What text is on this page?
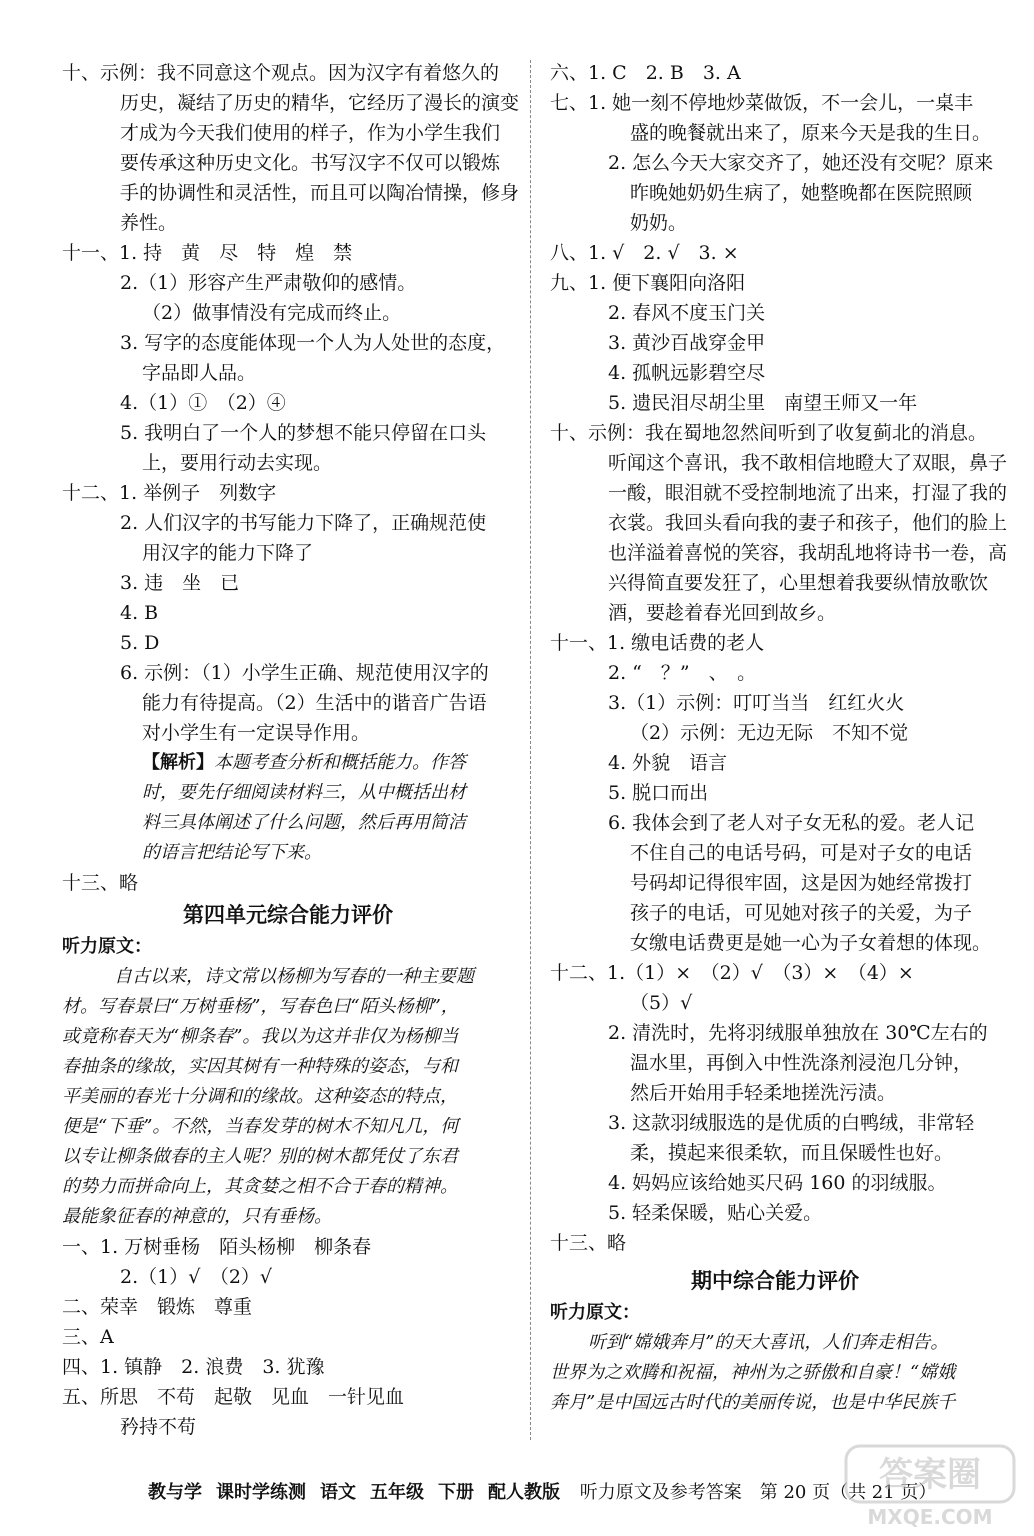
十、示例：我不同意这个观点。因为汉字有着悠久的
历史，凝结了历史的精华，它经历了漫长的演变
才成为今天我们使用的样子，作为小学生我们
要传承这种历史文化。书写汉字不仅可以锻炼
手的协调性和灵活性，而且可以陶冶情操，修身
养性。
十一、1. 持　黄　尽　特　煌　禁
2.（1）形容产生严肃敬仰的感情。
（2）做事情没有完成而终止。
3. 写字的态度能体现一个人为人处世的态度，
字品即人品。
4.（1）①　（2）④
5. 我明白了一个人的梦想不能只停留在口头
上，要用行动去实现。
十二、1. 举例子　列数字
2. 人们汉字的书写能力下降了，正确规范使
用汉字的能力下降了
3. 违　坐　已
4. B
5. D
6. 示例：（1）小学生正确、规范使用汉字的
能力有待提高。（2）生活中的谐音广告语
对小学生有一定误导作用。
【解析】本题考查分析和概括能力。作答
时，要先仔细阅读材料三，从中概括出材
料三具体阐述了什么问题，然后再用简洁
的语言把结论写下来。
十三、略
第四单元综合能力评价
听力原文：
自古以来，诗文常以杨柳为写春的一种主要题
材。写春景曰“万树垂杨”，写春色曰“陌头杨柳”，
或竟称春天为“柳条春”。我以为这并非仅为杨柳当
春抽条的缘故，实因其树有一种特殊的姿态，与和
平美丽的春光十分调和的缘故。这种姿态的特点，
便是“下垂”。不然，当春发芽的树木不知凡几，何
以专让柳条做春的主人呢？别的树木都凭仗了东君
的势力而拼命向上，其贪婪之相不合于春的精神。
最能象征春的神意的，只有垂杨。
一、1. 万树垂杨　陌头杨柳　柳条春
2.（1）√　（2）√
二、荣幸　锻炼　尊重
三、A
四、1. 镇静　2. 浪费　3. 犹豫
五、所思　不苟　起敬　见血　一针见血
矜持不苟
六、1. C　2. B　3. A
七、1. 她一刻不停地炒菜做饭，不一会儿，一桌丰
盛的晚餐就出来了，原来今天是我的生日。
2. 怎么今天大家交齐了，她还没有交呢？原来
昨晚她奶奶生病了，她整晚都在医院照顾
奶奶。
八、1. √　2. √　3. ×
九、1. 便下襄阳向洛阳
2. 春风不度玉门关
3. 黄沙百战穿金甲
4. 孤帆远影碧空尽
5. 遗民泪尽胡尘里　南望王师又一年
十、示例：我在蜀地忽然间听到了收复蓟北的消息。
听闻这个喜讯，我不敢相信地瞪大了双眼，鼻子
一酸，眼泪就不受控制地流了出来，打湿了我的
衣裳。我回头看向我的妻子和孩子，他们的脸上
也洋溢着喜悦的笑容，我胡乱地将诗书一卷，高
兴得简直要发狂了，心里想着我要纵情放歌饮
酒，要趁着春光回到故乡。
十一、1. 缴电话费的老人
2. “　？”　、　。
3.（1）示例：叮叮当当　红红火火
（2）示例：无边无际　不知不觉
4. 外貌　语言
5. 脱口而出
6. 我体会到了老人对子女无私的爱。老人记
不住自己的电话号码，可是对子女的电话
号码却记得很牢固，这是因为她经常拨打
孩子的电话，可见她对孩子的关爱，为子
女缴电话费更是她一心为子女着想的体现。
十二、1.（1）×　（2）√　（3）×　（4）×
（5）√
2. 清洗时，先将羽绒服单独放在 30℃左右的
温水里，再倒入中性洗涤剂浸泡几分钟，
然后开始用手轻柔地搓洗污渍。
3. 这款羽绒服选的是优质的白鸭绒，非常轻
柔，摸起来很柔软，而且保暖性也好。
4. 妈妈应该给她买尺码 160 的羽绒服。
5. 轻柔保暖，贴心关爱。
十三、略
期中综合能力评价
听力原文：
听到“嫦娥奔月”的天大喜讯，人们奔走相告。
世界为之欢腾和祝福，神州为之骄傲和自豪！“嫦娥
奔月”是中国远古时代的美丽传说，也是中华民族千
教与学 课时学练测 语文 五年级 下册 配人教版 听力原文及参考答案　第 20 页（共 21 页）
答案圈
MXQE.COM
